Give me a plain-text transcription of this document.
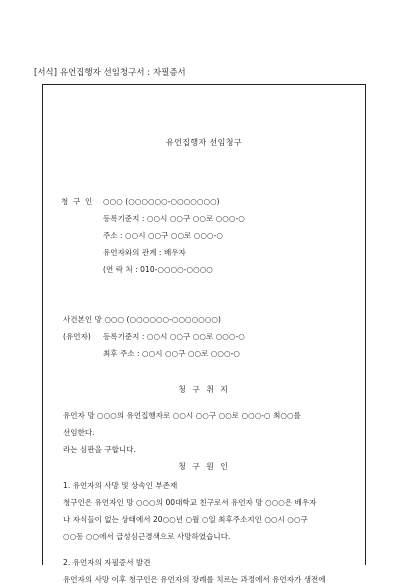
[서식] 유언집행자 선임청구서 : 자필증서
유언집행자 선임청구
청 구 인 ○○○ (○○○○○○-○○○○○○○)
등록기준지 : ○○시 ○○구 ○○로 ○○○-○
주소 : ○○시 ○○구 ○○로 ○○○-○
유언자와의 관계 : 배우자
(연 락 처 : 010-○○○○-○○○○
사건본인 망 ○○○ (○○○○○○-○○○○○○○)
(유언자) 등록기준지 : ○○시 ○○구 ○○로 ○○○-○
최후 주소 : ○○시 ○○구 ○○로 ○○○-○
청 구 취 지
유언자 망 ○○○의 유언집행자로 ○○시 ○○구 ○○로 ○○○-○ 최○○를
선임한다.
라는 심판을 구합니다.
청 구 원 인
1. 유언자의 사망 및 상속인 부존재
청구인은 유언자인 망 ○○○의 00대학교 친구로서 유언자 망 ○○○은 배우자
나 자식들이 없는 상태에서 20○○년 ○월 ○일 최후주소지인 ○○시 ○○구
○○동 ○○에서 급성심근경색으로 사망하였습니다.
2. 유언자의 자필증서 발견
유언자의 사망 이후 청구인은 유언자의 장례를 치르는 과정에서 유언자가 생전에
